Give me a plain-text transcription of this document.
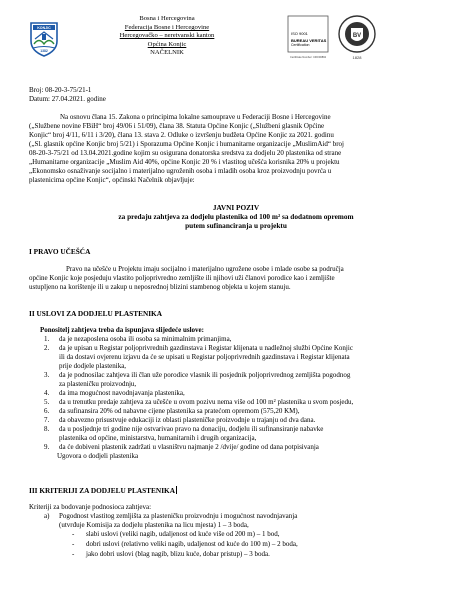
KONJIC
1382
Bosna i Hercegovina
Federacija Bosne i Hercegovine
Hercegovačko – neretvanski kanton
Općina Konjic
NAČELNIK
BV
1828
ISO 9001
BUREAU VERITAS
Certification
Certificate Number: CRO00892
Broj: 08-20-3-75/21-1
Datum: 27.04.2021. godine
Na osnovu člana 15. Zakona o principima lokalne samouprave u Federaciji Bosne i Hercegovine
(„Službene novine FBiH“ broj 49/06 i 51/09), člana 38. Statuta Općine Konjic („Službeni glasnik Općine
Konjic“ broj 4/11, 6/11 i 3/20), člana 13. stava 2. Odluke o izvršenju budžeta Općine Konjic za 2021. godinu
(„Sl. glasnik općine Konjic broj 5/21) i Sporazuma Općine Konjic i humanitarne organizacije „MuslimAid“ broj
08-20-3-75/21 od 13.04.2021.godine kojim su osigurana donatorska sredstva za dodjelu 20 plastenika od strane
„Humanitarne organizacije „Muslim Aid 40%, općine Konjic 20 % i vlastitog učešća korisnika 20% u projektu
„Ekonomsko osnaživanje socijalno i materijalno ugroženih osoba i mladih osoba kroz proizvodnju povrća u
plastenicima općine Konjic“, općinski Načelnik objavljuje:
JAVNI POZIV
za predaju zahtjeva za dodjelu plastenika od 100 m² sa dodatnom opremom
putem sufinanciranja u projektu
I PRAVO UČEŠĆA
Pravo na učešće u Projektu imaju socijalno i materijalno ugrožene osobe i mlade osobe sa područja
općine Konjic koje posjeduju vlastito poljoprivredno zemljište ili njihovi uži članovi porodice kao i zemljište
ustupljeno na korištenje ili u zakup u neposrednoj blizini stambenog objekta u kojem stanuju.
II USLOVI ZA DODJELU PLASTENIKA
Ponositelj zahtjeva treba da ispunjava slijedeće uslove:
1. da je nezaposlena osoba ili osoba sa minimalnim primanjima,
2. da je upisan u Registar poljoprivrednih gazdinstava i Registar klijenata u nadležnoj službi Općine Konjic
ili da dostavi ovjerenu izjavu da će se upisati u Registar poljoprivrednih gazdinstava i Registar klijenata
prije dodjele plastenika,
3. da je podnosilac zahtjeva ili član uže porodice vlasnik ili posjednik poljoprivrednog zemljišta pogodnog
za plasteničku proizvodnju,
4. da ima mogućnost navodnjavanja plastenika,
5. da u trenutku predaje zahtjeva za učešće u ovom pozivu nema više od 100 m² plastenika u svom posjedu,
6. da sufinansira 20% od nabavne cijene plastenika sa pratećom opremom (575,20 KM),
7. da obavezno prisustvuje edukaciji iz oblasti plasteničke proizvodnje u trajanju od dva dana.
8. da u posljednje tri godine nije ostvarivao pravo na donaciju, dodjelu ili sufinansiranje nabavke
plastenika od općine, ministarstva, humanitarnih i drugih organizacija,
9. da će dobiveni plastenik zadržati u vlasništvu najmanje 2 /dvije/ godine od dana potpisivanja
Ugovora o dodjeli plastenika
III KRITERIJI ZA DODJELU PLASTENIKA
Kriteriji za bodovanje podnosioca zahtjeva:
a) Pogodnost vlastitog zemljišta za plasteničku proizvodnju i mogućnost navodnjavanja
(utvrđuje Komisija za dodjelu plastenika na licu mjesta) 1 – 3 boda,
- slabi uslovi (veliki nagib, udaljenost od kuće više od 200 m) – 1 bod,
- dobri uslovi (relativno veliki nagib, udaljenost od kuće do 100 m) – 2 boda,
- jako dobri uslovi (blag nagib, blizu kuće, dobar pristup) – 3 boda.
